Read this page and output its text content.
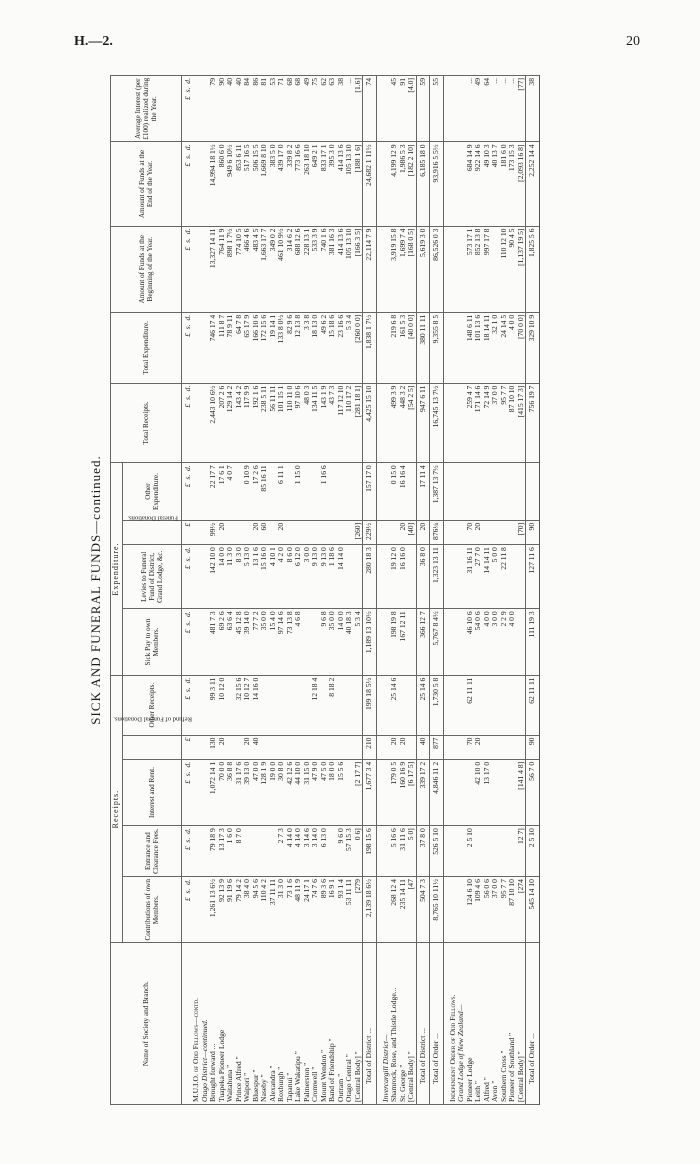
H.—2.	20
SICK AND FUNERAL FUNDS—continued.
Name of Society and Branch.	Receipts.					Expenditure.				Total Receipts.	Total Expenditure.	Amount of Funds at the Beginning of the Year.	Amount of Funds at the End of the Year.	Average Interest (per £100) realized during the Year.
	Contributions of own Members.	Entrance and Clearance Fees.	Interest and Rent.	Refund of Funeral Donations.	Other Receipts.	Sick Pay to own Members.	Levies to Funeral Fund of District, Grand Lodge, &c.	Funeral Donations.	Other Expenditure.					
	£  s.  d.	£  s.  d.	£  s.  d.	£	£  s.  d.	£  s.  d.	£  s.  d.	£	£  s.  d.	£  s.  d.	£  s.  d.	£  s.  d.	£  s.  d.	£  s.  d.
M.U.I.O. of Odd Fellows—contd.														
Otago District—continued.														
Brought forward ...	1,261 13 6½	79 18 9	1,072 14 1	130	99 3 11	481 7 3	142 10 0	99½	22 17 7	2,443 10 6½	746 17 4	13,327 14 11	14,994 18 1½	79
Tuapeka Pioneer Lodge	92 13 9	13 17 3	70 0 0	20	10 12 0	69 2 6	14 0 0	20	17 6 1	207 2 6	111 8 7	764 11 9	860 6 0	90
Waitahuna "	91 19 6	1 6 0	36 8 8			63 6 4	11 3 0		4 0 7	129 14 2	78 9 11	898 1 7½	949 6 10½	40
Prince Alfred "	79 14 2	8 7 0	31 17 6		32 15 6	45 12 8	8 3 0			143 4 2	64 7 8	774 10 5	853 6 11	40
Waipori "	38 4 0		39 13 0	20	10 12 7	39 14 0	5 13 0		0 10 9	117 9 9	65 17 9	466 4 6	517 16 5	84
Bluespur "	94 5 6		47 0 0	40	14 16 0	77 7 2	13 1 6	20	17 2 6	192 1 6	166 10 6	483 4 5	506 15 5	86
Naseby "	110 4 2		128 1 9			35 0 0	15 16 0	60	85 16 11	238 5 11	172 15 6	1,663 17 7	1,669 8 10	81
Alexandra "	37 11 11		19 0 0			15 4 0	4 10 1			56 11 11	19 14 1	349 0 2	383 5 0	53
Roxburgh "	31 3 0	2 7 3	30 8 0			97 14 6	4 2 0	20	6 11 1	101 15 1	133 8 0½	461 10 9½	439 17 0	71
Tapanui "	73 1 6	4 14 0	42 12 6			73 13 8	8 6 0			110 11 0	82 9 6	314 6 2	339 8 2	68
Lake Wakatipu "	48 11 9	4 14 0	44 10 0			4 6 8	6 12 0		1 15 0	97 10 6	12 13 8	688 12 6	773 16 6	68
Palmerston "	24 17 1	3 14 6	31 15 0				3 0 0			48 0 3	3 3 8	228 13 1	263 18 10	49
Cromwell "	74 7 6	3 14 0	47 9 0		12 18 4		9 13 0			134 11 5	18 13 0	533 3 9	649 2 1	75
Mount Wendon "	89 3 6	6 13 0	47 5 0			9 6 8	9 13 0		1 16 6	143 1 9	49 6 2	740 1 6	833 17 1	62
Band of Friendship "	16 9 1		18 0 0		8 18 2	35 0 0	1 18 6			43 7 3	15 18 6	381 16 3	395 3 0	63
Outram "	93 1 4	9 6 0	15 5 6			14 0 0	14 14 0			117 12 10	23 16 6	414 13 6	414 13 6	38
Otago Central "	53 11 11	57 15 3				40 18 3				110 17 2	5 3 4	105 13 10	105 13 10	...
[Central Body] "	[279	0 6]	[2 17 7]			5 3 4		[260]		[281 18 1]	[260 0 0]	[166 3 5]	[188 1 6]	[1.6]
Total of District ...	2,139 18 6½	198 15 6	1,677 3 4	210	199 18 5½	1,189 13 10½	280 18 3	229½	157 17 0	4,425 15 10	1,838 1 7½	22,114 7 9	24,682 1 11½	74

Invercargill District—														
Shamrock, Rose, and Thistle Lodge...	268 12 4	5 16 6	179 0 5	20	25 14 6	198 19 8	19 12 0		0 15 0	499 3 9	219 6 8	3,919 15 8	4,199 12 9	45
St. George "	235 14 11	31 11 6	160 16 9	20		167 12 11	16 16 0	20	16 16 4	448 3 2	161 5 3	1,699 7 4	1,986 5 3	91
[Central Body] "	[47	5 0]	[6 17 5]					[40]		[54 2 5]	[40 0 0]	[168 0 5]	[182 2 10]	[4.0]
Total of District ...	504 7 3	37 8 0	339 17 2	40	25 14 6	366 12 7	36 8 0	20	17 11 4	947 6 11	380 11 11	5,619 3 0	6,185 18 0	59
Total of Order ...	8,765 10 11½	526 5 10	4,846 11 2	877	1,730 5 8	5,767 8 4½	1,323 13 11	876¼	1,387 13 7½	16,745 13 7½	9,355 8 5	86,526 0 3	93,916 5 5½	55

Independent Order of Odd Fellows.														
Grand Lodge of New Zealand—														
Pioneer Lodge	124 6 10	2 5 10		70	62 11 11	46 10 6	31 16 11	70		259 4 7	148 6 11	573 17 1	684 14 9	...
Leith "	109 4 6		42 10 0	20		54 0 6	27 7 0	20		171 14 6	101 13 6	852 13 8	922 14 6	49
Alfred "	56 0 6		13 17 0			4 0 0	14 14 11			72 14 9	18 14 11	997 17 8	49 10 3	64
Avon "	37 0 0					3 0 0	5 0 0			37 0 0	32 1 0		40 13 7	...
Southern Cross "	95 7 7					2 2 9	22 11 8			95 7 7	24 14 5	110 12 10	181 6 0	...
Pioneer of Southland "	87 10 10					4 0 0				87 10 10	4 0 0	90 4 5	173 15 3	...
[Central Body] "	[274	12 7]	[141 4 8]					[70]		[415 17 3]	[70 0 0]	[1,137 19 5]	[2,093 16 8]	[77]
Total of Order ...	545 14 10	2 5 10	56 7 0	90	62 11 11	111 19 3	127 11 6	90		756 19 7	329 10 9	1,825 5 6	2,252 14 4	38
